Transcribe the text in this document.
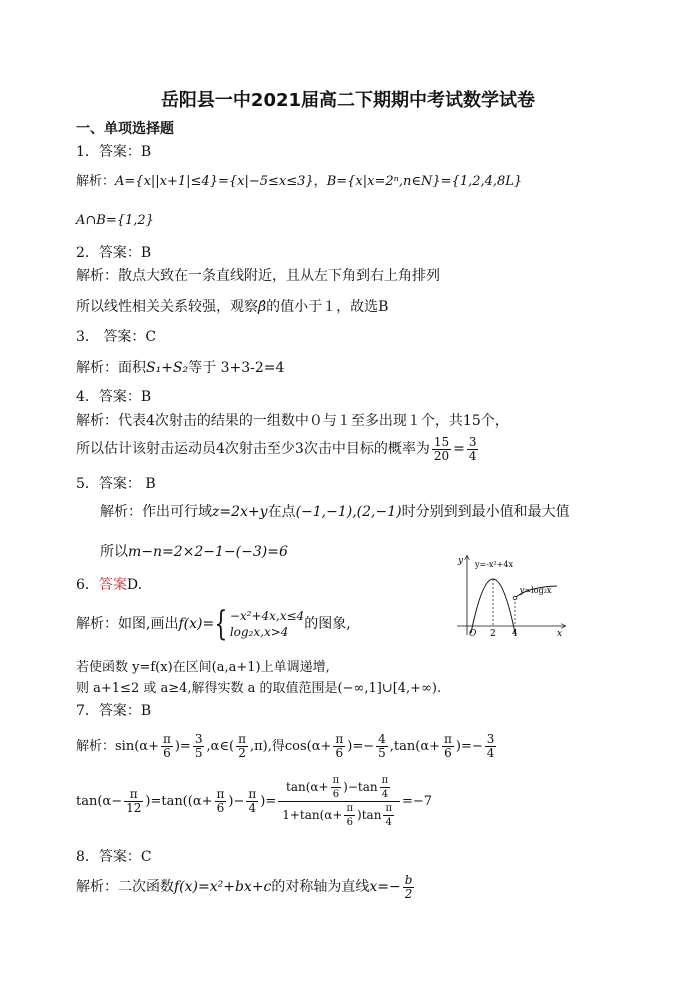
岳阳县一中2021届高二下期期中考试数学试卷
一、单项选择题
1．答案：B
解析：A={x||x+1|≤4}={x|−5≤x≤3}，B={x|x=2ⁿ,n∈N}={1,2,4,8L}
A∩B={1,2}
2．答案：B
解析：散点大致在一条直线附近，且从左下角到右上角排列
所以线性相关关系较强，观察β̂的值小于１，故选B
3． 答案：C
解析：面积S₁+S₂等于 3+3-2=4
4．答案：B
解析：代表4次射击的结果的一组数中０与１至多出现１个，共15个，
所以估计该射击运动员4次射击至少3次击中目标的概率为 $\frac{15}{20} = \frac{3}{4}$
5．答案： B
解析：作出可行域z=2x+y在点(−1,−1),(2,−1)时分别到到最小值和最大值
所以m−n=2×2−1−(−3)=6
6．答案D.
解析：如图,画出f(x)={ −x²+4x,x≤4
log₂x,x>4	的图象,
若使函数 y=f(x)在区间(a,a+1)上单调递增,
则 a+1≤2 或 a≥4,解得实数 a 的取值范围是(−∞,1]∪[4,+∞).
y
x
O 2 4
y=-x²+4x
y=log₂x
7．答案：B
解析：$\sin(\alpha+ \frac{\pi}{6}$ )= $\frac{3}{5}$ ,α∈( $\frac{\pi}{2} ,\pi$),得$\cos(\alpha+ \frac{\pi}{6}$ )=− $\frac{4}{5} ,\tan(\alpha+ \frac{\pi}{6}$ )=− $\frac{3}{4}$
$\tan(\alpha- \frac{\pi}{12} )=\tan((\alpha+ \frac{\pi}{6}$ )− $\frac{\pi}{4}$ )= $\frac{\tan(\alpha+ \frac{\pi}{6} )-\tan \frac{\pi}{4}}{1+\tan(\alpha+ \frac{\pi}{6} )\tan \frac{\pi}{4}} =-7$
8．答案：C
解析：二次函数f(x)=x²+bx+c的对称轴为直线$x=- \frac{b}{2}$
